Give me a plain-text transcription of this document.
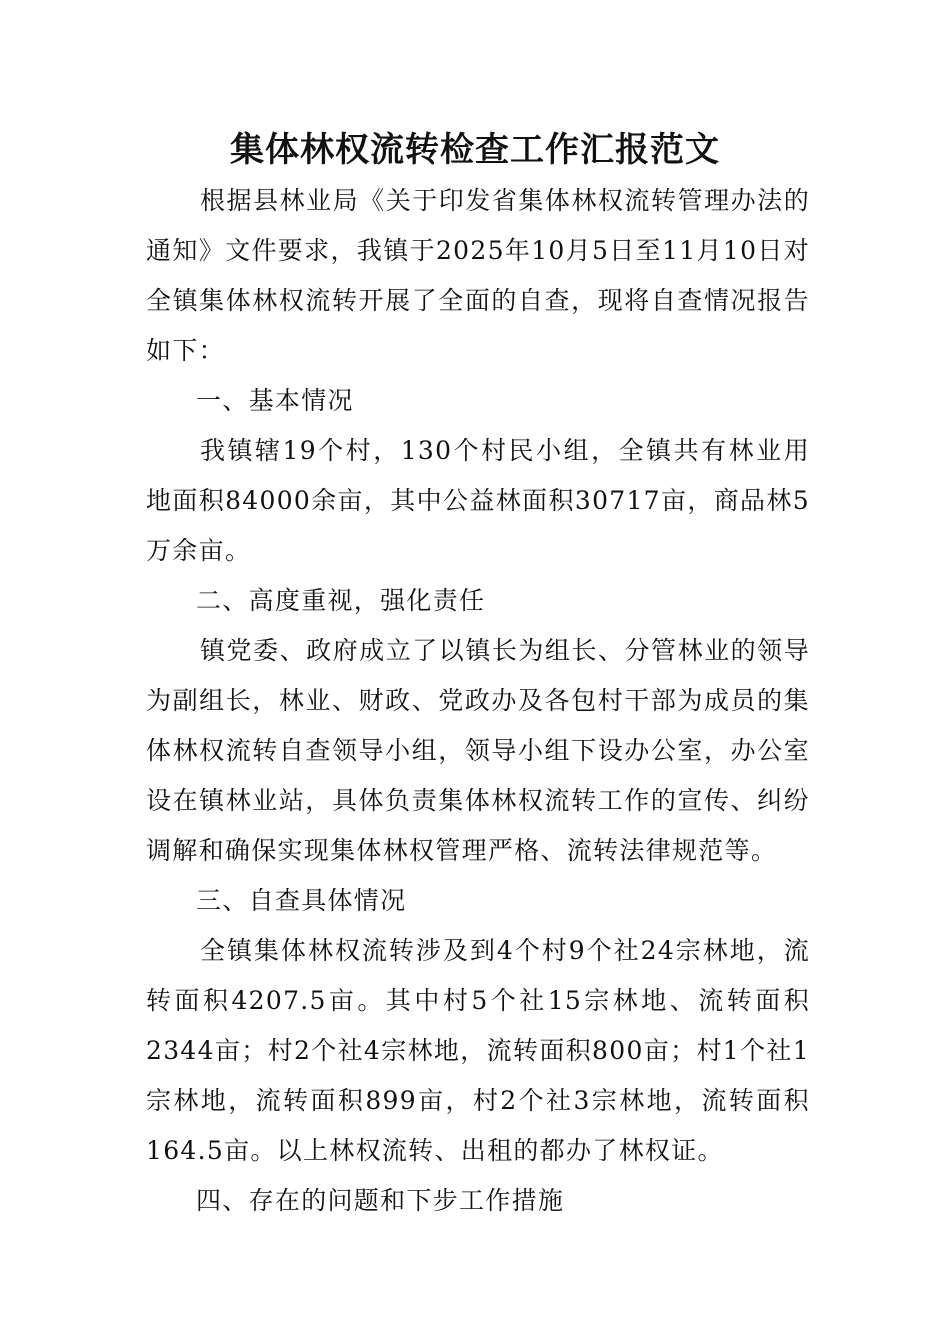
集体林权流转检查工作汇报范文

根据县林业局《关于印发省集体林权流转管理办法的通知》文件要求，我镇于2025年10月5日至11月10日对全镇集体林权流转开展了全面的自查，现将自查情况报告如下：

一、基本情况

我镇辖19个村，130个村民小组，全镇共有林业用地面积84000余亩，其中公益林面积30717亩，商品林5万余亩。

二、高度重视，强化责任

镇党委、政府成立了以镇长为组长、分管林业的领导为副组长，林业、财政、党政办及各包村干部为成员的集体林权流转自查领导小组，领导小组下设办公室，办公室设在镇林业站，具体负责集体林权流转工作的宣传、纠纷调解和确保实现集体林权管理严格、流转法律规范等。

三、自查具体情况

全镇集体林权流转涉及到4个村9个社24宗林地，流转面积4207.5亩。其中村5个社15宗林地、流转面积2344亩；村2个社4宗林地，流转面积800亩；村1个社1宗林地，流转面积899亩，村2个社3宗林地，流转面积164.5亩。以上林权流转、出租的都办了林权证。

四、存在的问题和下步工作措施
